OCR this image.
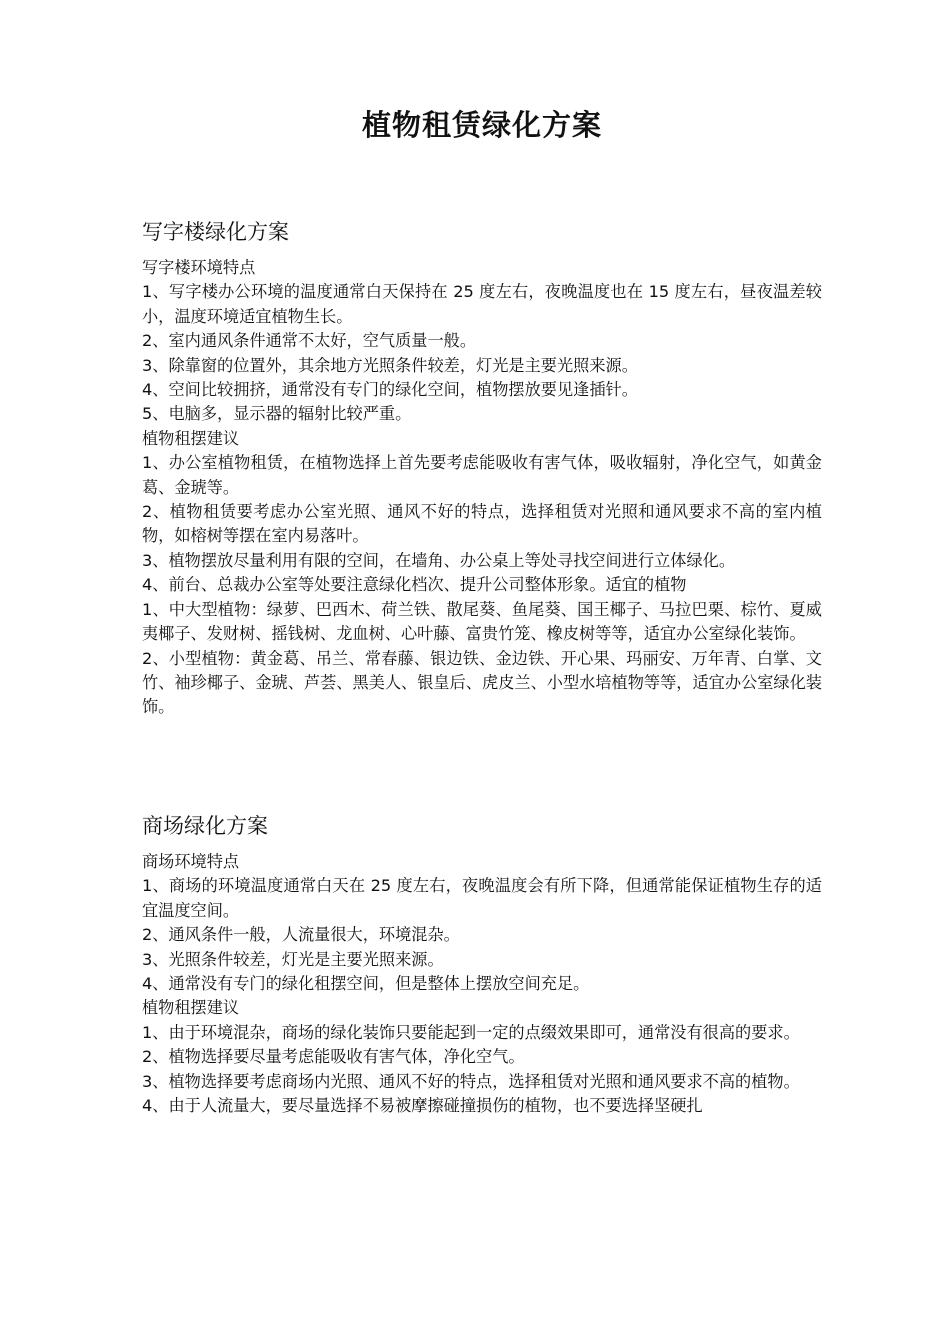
植物租赁绿化方案
写字楼绿化方案

写字楼环境特点

1、写字楼办公环境的温度通常白天保持在 25 度左右，夜晚温度也在 15 度左右，昼夜温差较小，温度环境适宜植物生长。

2、室内通风条件通常不太好，空气质量一般。

3、除靠窗的位置外，其余地方光照条件较差，灯光是主要光照来源。

4、空间比较拥挤，通常没有专门的绿化空间，植物摆放要见逢插针。

5、电脑多，显示器的辐射比较严重。

植物租摆建议

1、办公室植物租赁，在植物选择上首先要考虑能吸收有害气体，吸收辐射，净化空气，如黄金葛、金琥等。

2、植物租赁要考虑办公室光照、通风不好的特点，选择租赁对光照和通风要求不高的室内植物，如榕树等摆在室内易落叶。

3、植物摆放尽量利用有限的空间，在墙角、办公桌上等处寻找空间进行立体绿化。

4、前台、总裁办公室等处要注意绿化档次、提升公司整体形象。适宜的植物

1、中大型植物：绿萝、巴西木、荷兰铁、散尾葵、鱼尾葵、国王椰子、马拉巴栗、棕竹、夏威夷椰子、发财树、摇钱树、龙血树、心叶藤、富贵竹笼、橡皮树等等，适宜办公室绿化装饰。

2、小型植物：黄金葛、吊兰、常春藤、银边铁、金边铁、开心果、玛丽安、万年青、白掌、文竹、袖珍椰子、金琥、芦荟、黑美人、银皇后、虎皮兰、小型水培植物等等，适宜办公室绿化装饰。

商场绿化方案

商场环境特点

1、商场的环境温度通常白天在 25 度左右，夜晚温度会有所下降，但通常能保证植物生存的适宜温度空间。

2、通风条件一般，人流量很大，环境混杂。

3、光照条件较差，灯光是主要光照来源。

4、通常没有专门的绿化租摆空间，但是整体上摆放空间充足。

植物租摆建议

1、由于环境混杂，商场的绿化装饰只要能起到一定的点缀效果即可，通常没有很高的要求。

2、植物选择要尽量考虑能吸收有害气体，净化空气。

3、植物选择要考虑商场内光照、通风不好的特点，选择租赁对光照和通风要求不高的植物。

4、由于人流量大，要尽量选择不易被摩擦碰撞损伤的植物，也不要选择坚硬扎
